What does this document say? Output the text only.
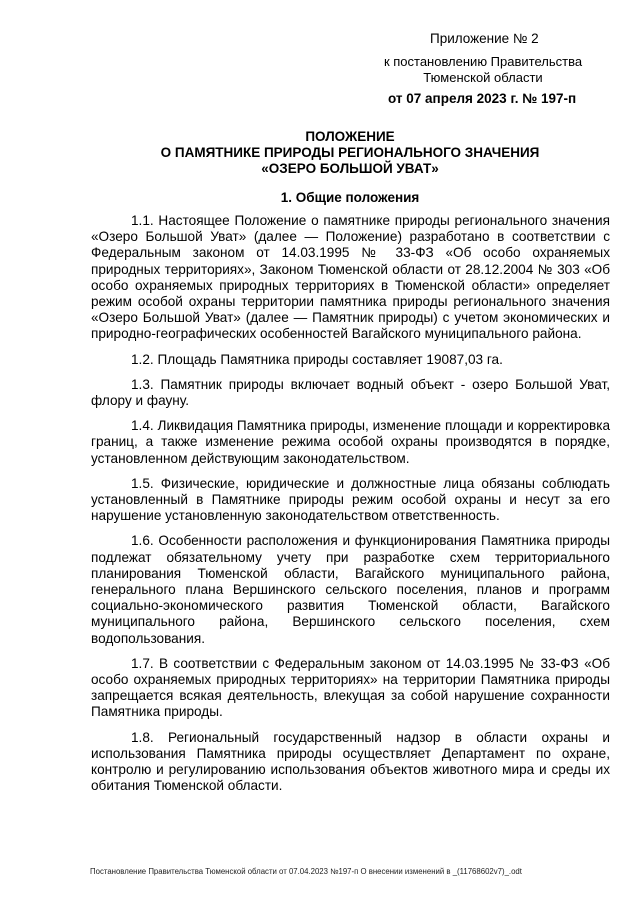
Приложение № 2
к постановлению Правительства
Тюменской области
от 07 апреля 2023 г. № 197-п
ПОЛОЖЕНИЕ
О ПАМЯТНИКЕ ПРИРОДЫ РЕГИОНАЛЬНОГО ЗНАЧЕНИЯ
«ОЗЕРО БОЛЬШОЙ УВАТ»
1. Общие положения

1.1. Настоящее Положение о памятнике природы регионального значения «Озеро Большой Уват» (далее — Положение) разработано в соответствии с Федеральным законом от 14.03.1995 № 33-ФЗ «Об особо охраняемых природных территориях», Законом Тюменской области от 28.12.2004 № 303 «Об особо охраняемых природных территориях в Тюменской области» определяет режим особой охраны территории памятника природы регионального значения «Озеро Большой Уват» (далее — Памятник природы) с учетом экономических и природно-географических особенностей Вагайского муниципального района.

1.2. Площадь Памятника природы составляет 19087,03 га.

1.3. Памятник природы включает водный объект - озеро Большой Уват, флору и фауну.

1.4. Ликвидация Памятника природы, изменение площади и корректировка границ, а также изменение режима особой охраны производятся в порядке, установленном действующим законодательством.

1.5. Физические, юридические и должностные лица обязаны соблюдать установленный в Памятнике природы режим особой охраны и несут за его нарушение установленную законодательством ответственность.

1.6. Особенности расположения и функционирования Памятника природы подлежат обязательному учету при разработке схем территориального планирования Тюменской области, Вагайского муниципального района, генерального плана Вершинского сельского поселения, планов и программ социально-экономического развития Тюменской области, Вагайского муниципального района, Вершинского сельского поселения, схем водопользования.

1.7. В соответствии с Федеральным законом от 14.03.1995 № 33-ФЗ «Об особо охраняемых природных территориях» на территории Памятника природы запрещается всякая деятельность, влекущая за собой нарушение сохранности Памятника природы.

1.8. Региональный государственный надзор в области охраны и использования Памятника природы осуществляет Департамент по охране, контролю и регулированию использования объектов животного мира и среды их обитания Тюменской области.

Постановление Правительства Тюменской области от 07.04.2023 №197-п О внесении изменений в _(11768602v7)_.odt
